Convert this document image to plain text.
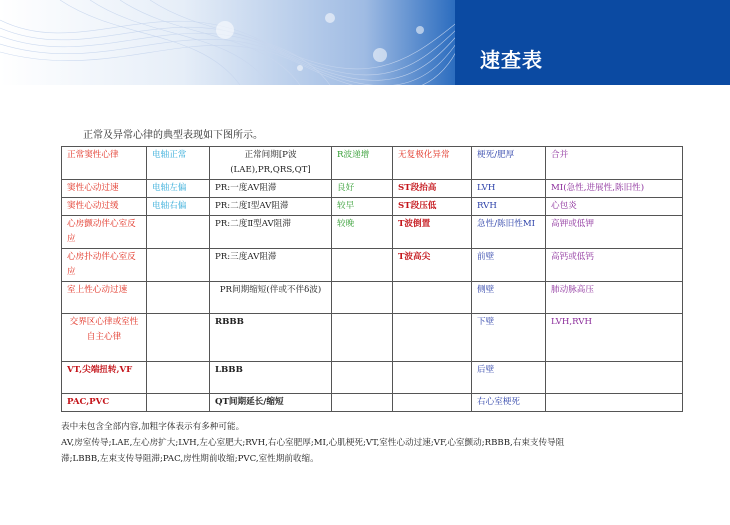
速查表
正常及异常心律的典型表现如下图所示。
正常窦性心律	电轴正常	正常间期[P波(LAE),PR,QRS,QT]	R波递增	无复极化异常	梗死/肥厚	合并
窦性心动过速	电轴左偏	PR:一度AV阻滞	良好	ST段抬高	LVH	MI(急性,进展性,陈旧性)
窦性心动过缓	电轴右偏	PR:二度Ⅰ型AV阻滞	较早	ST段压低	RVH	心包炎
心房颤动伴心室反应		PR:二度Ⅱ型AV阻滞	较晚	T波倒置	急性/陈旧性MI	高钾或低钾
心房扑动伴心室反应		PR:三度AV阻滞		T波高尖	前壁	高钙或低钙
室上性心动过速		PR间期缩短(伴或不伴δ波)			侧壁	肺动脉高压
交界区心律或室性自主心律		RBBB			下壁	LVH,RVH
VT,尖端扭转,VF		LBBB			后壁	
PAC,PVC		QT间期延长/缩短			右心室梗死	
表中未包含全部内容,加粗字体表示有多种可能。
AV,房室传导;LAE,左心房扩大;LVH,左心室肥大;RVH,右心室肥厚;MI,心肌梗死;VT,室性心动过速;VF,心室颤动;RBBB,右束支传导阻
滞;LBBB,左束支传导阻滞;PAC,房性期前收缩;PVC,室性期前收缩。
